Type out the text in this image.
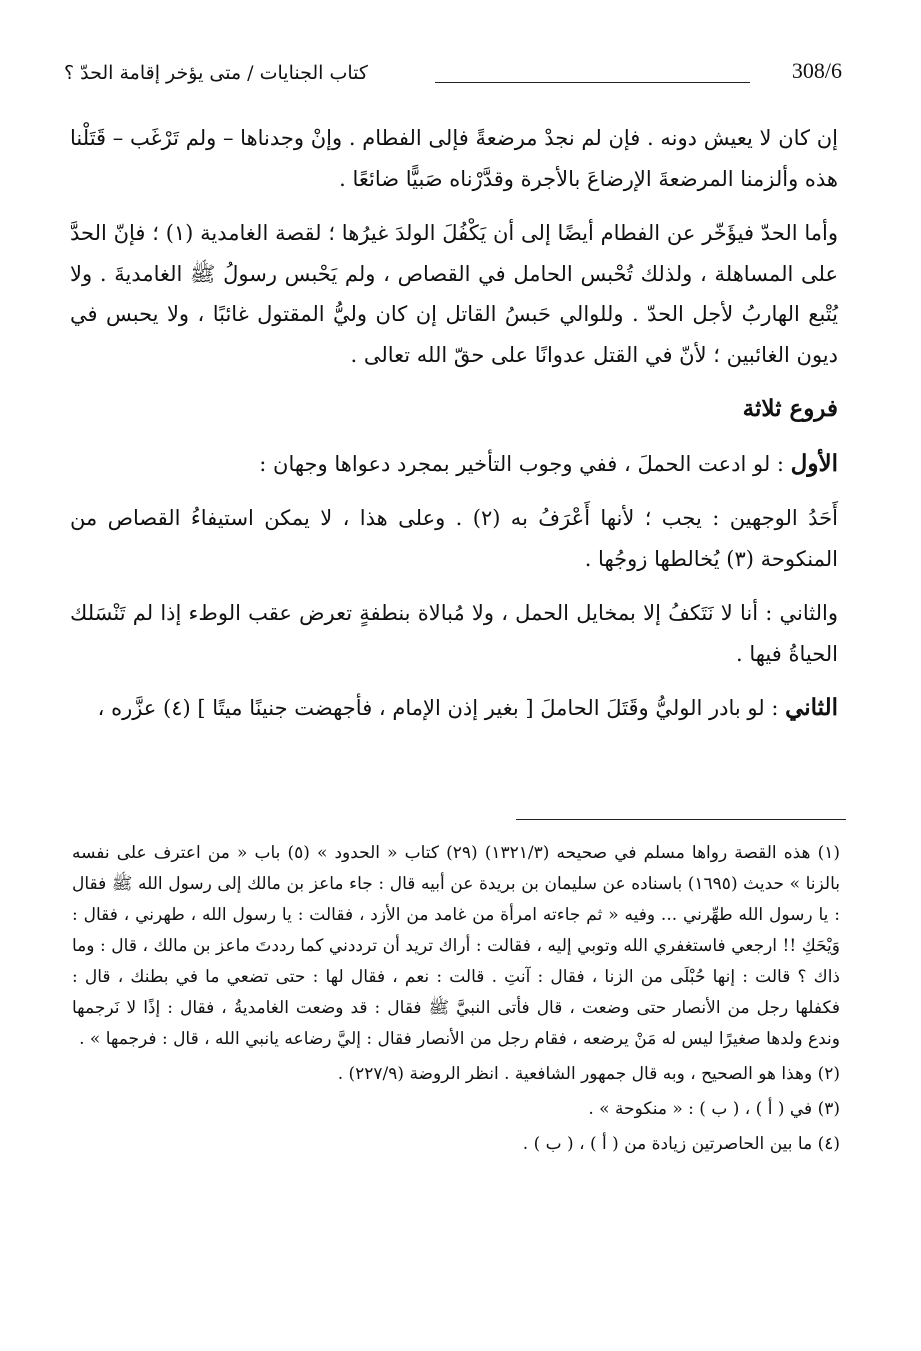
308/6
كتاب الجنايات / متى يؤخر إقامة الحدّ ؟

إن كان لا يعيش دونه . فإن لم نجدْ مرضعةً فإلى الفطام . وإنْ وجدناها – ولم تَرْغَب – قَتَلْنا هذه وألزمنا المرضعةَ الإرضاعَ بالأجرة وقدَّرْناه صَبيًّا ضائعًا .

وأما الحدّ فيؤَخّر عن الفطام أيضًا إلى أن يَكْفُلَ الولدَ غيرُها ؛ لقصة الغامدية (١) ؛ فإنّ الحدَّ على المساهلة ، ولذلك تُحْبس الحامل في القصاص ، ولم يَحْبس رسولُ ﷺ الغامديةَ . ولا يُتْبع الهاربُ لأجل الحدّ . وللوالي حَبسُ القاتل إن كان وليُّ المقتول غائبًا ، ولا يحبس في ديون الغائبين ؛ لأنّ في القتل عدوانًا على حقّ الله تعالى .

فروع ثلاثة

الأول : لو ادعت الحملَ ، ففي وجوب التأخير بمجرد دعواها وجهان :

أَحَدُ الوجهين : يجب ؛ لأنها أَعْرَفُ به (٢) . وعلى هذا ، لا يمكن استيفاءُ القصاص من المنكوحة (٣) يُخالطها زوجُها .

والثاني : أنا لا نَتَكفُ إلا بمخايل الحمل ، ولا مُبالاة بنطفةٍ تعرض عقب الوطء إذا لم تَنْسَلك الحياةُ فيها .

الثاني : لو بادر الوليُّ وقَتَلَ الحاملَ [ بغير إذن الإمام ، فأجهضت جنينًا ميتًا ] (٤) عزَّره ،

(١) هذه القصة رواها مسلم في صحيحه (١٣٢١/٣) (٢٩) كتاب « الحدود » (٥) باب « من اعترف على نفسه بالزنا » حديث (١٦٩٥) باسناده عن سليمان بن بريدة عن أبيه قال : جاء ماعز بن مالك إلى رسول الله ﷺ فقال : يا رسول الله طهِّرني ... وفيه « ثم جاءته امرأة من غامد من الأزد ، فقالت : يا رسول الله ، طهرني ، فقال : وَيْحَكِ !! ارجعي فاستغفري الله وتوبي إليه ، فقالت : أراك تريد أن ترددني كما رددتَ ماعز بن مالك ، قال : وما ذاك ؟ قالت : إنها حُبْلَى من الزنا ، فقال : آنتِ . قالت : نعم ، فقال لها : حتى تضعي ما في بطنك ، قال : فكفلها رجل من الأنصار حتى وضعت ، قال فأتى النبيَّ ﷺ فقال : قد وضعت الغامديةُ ، فقال : إذًا لا نَرجمها وندع ولدها صغيرًا ليس له مَنْ يرضعه ، فقام رجل من الأنصار فقال : إليَّ رضاعه يانبي الله ، قال : فرجمها » .

(٢) وهذا هو الصحيح ، وبه قال جمهور الشافعية . انظر الروضة (٢٢٧/٩) .

(٣) في ( أ ) ، ( ب ) : « منكوحة » .

(٤) ما بين الحاصرتين زيادة من ( أ ) ، ( ب ) .
